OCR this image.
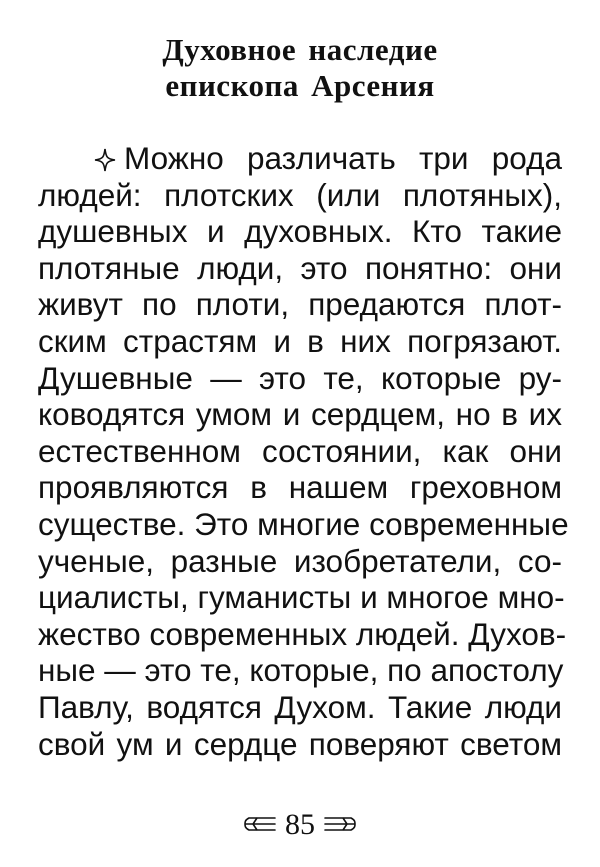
Духовное наследие
епископа Арсения
Можно различать три рода
людей: плотских (или плотяных),
душевных и духовных. Кто такие
плотяные люди, это понятно: они
живут по плоти, предаются плот-
ским страстям и в них погрязают.
Душевные — это те, которые ру-
ководятся умом и сердцем, но в их
естественном состоянии, как они
проявляются в нашем греховном
существе. Это многие современные
ученые, разные изобретатели, со-
циалисты, гуманисты и многое мно-
жество современных людей. Духов-
ные — это те, которые, по апостолу
Павлу, водятся Духом. Такие люди
свой ум и сердце поверяют светом
85
